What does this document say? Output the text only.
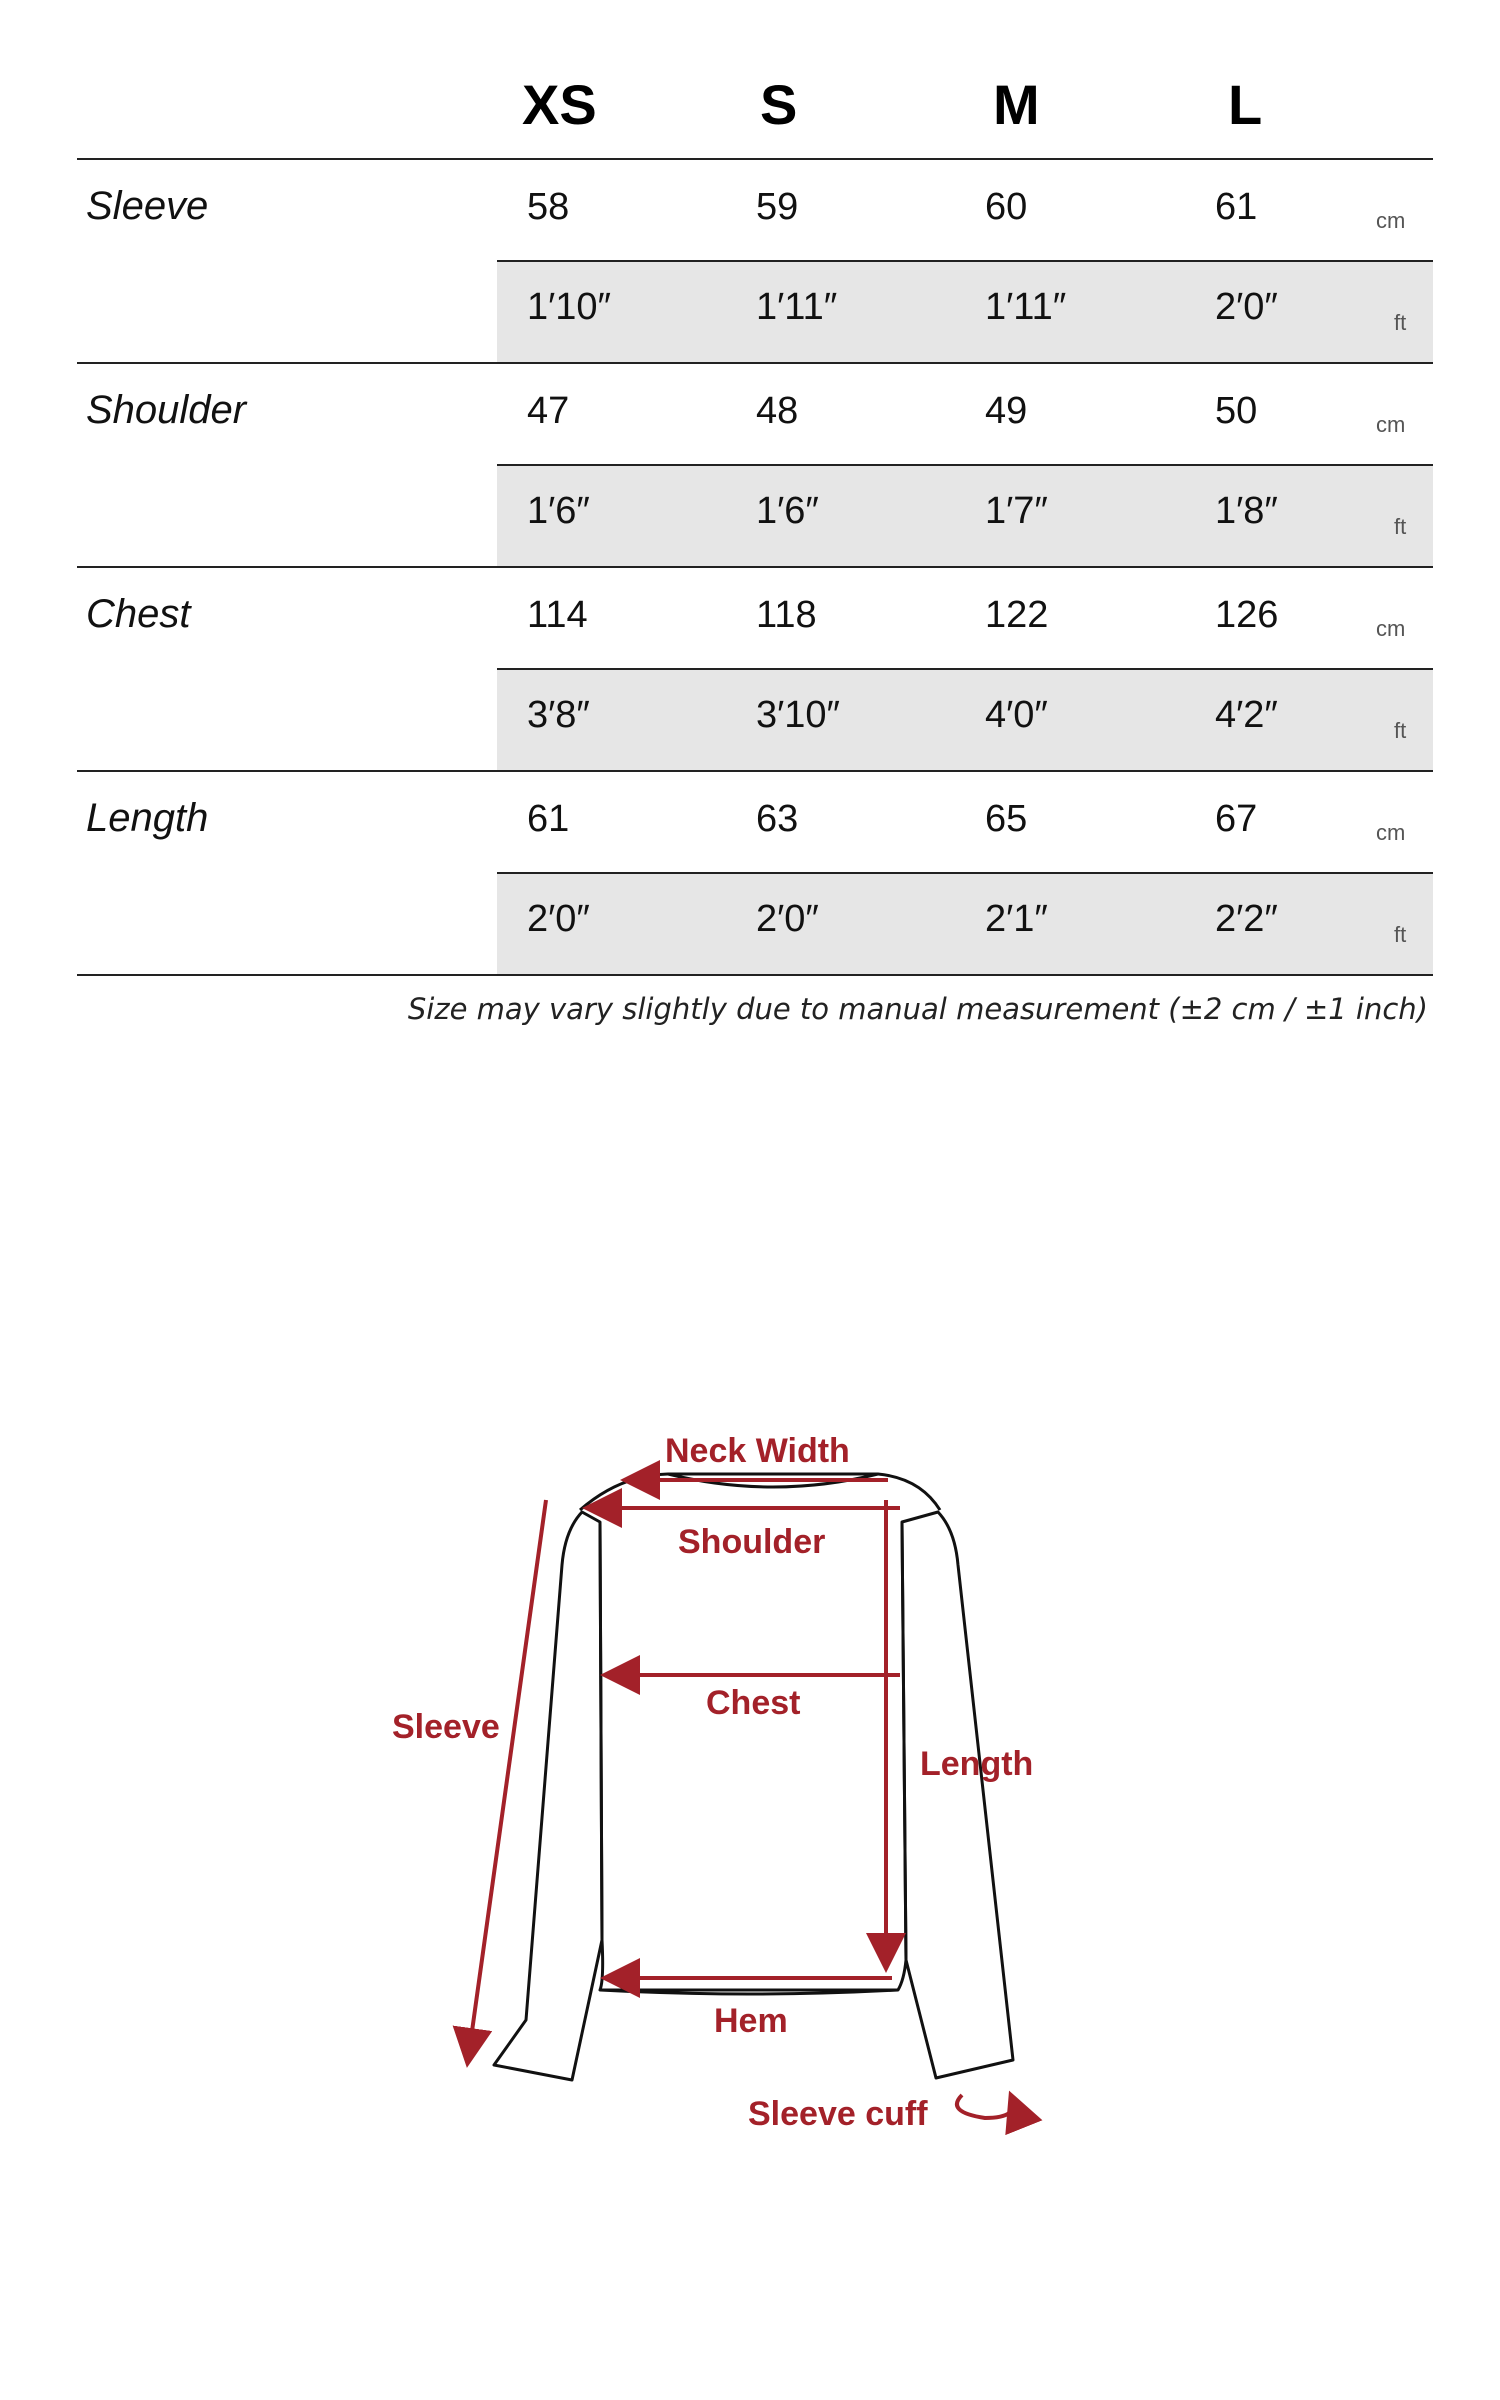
XS	S	M	L
Sleeve	58	59	60	61	cm
1′10″	1′11″	1′11″	2′0″	ft
Shoulder	47	48	49	50	cm
1′6″	1′6″	1′7″	1′8″	ft
Chest	114	118	122	126	cm
3′8″	3′10″	4′0″	4′2″	ft
Length	61	63	65	67	cm
2′0″	2′0″	2′1″	2′2″	ft
Size may vary slightly due to manual measurement (±2 cm / ±1 inch)
Neck Width
Shoulder
Chest
Sleeve
Length
Hem
Sleeve cuff
